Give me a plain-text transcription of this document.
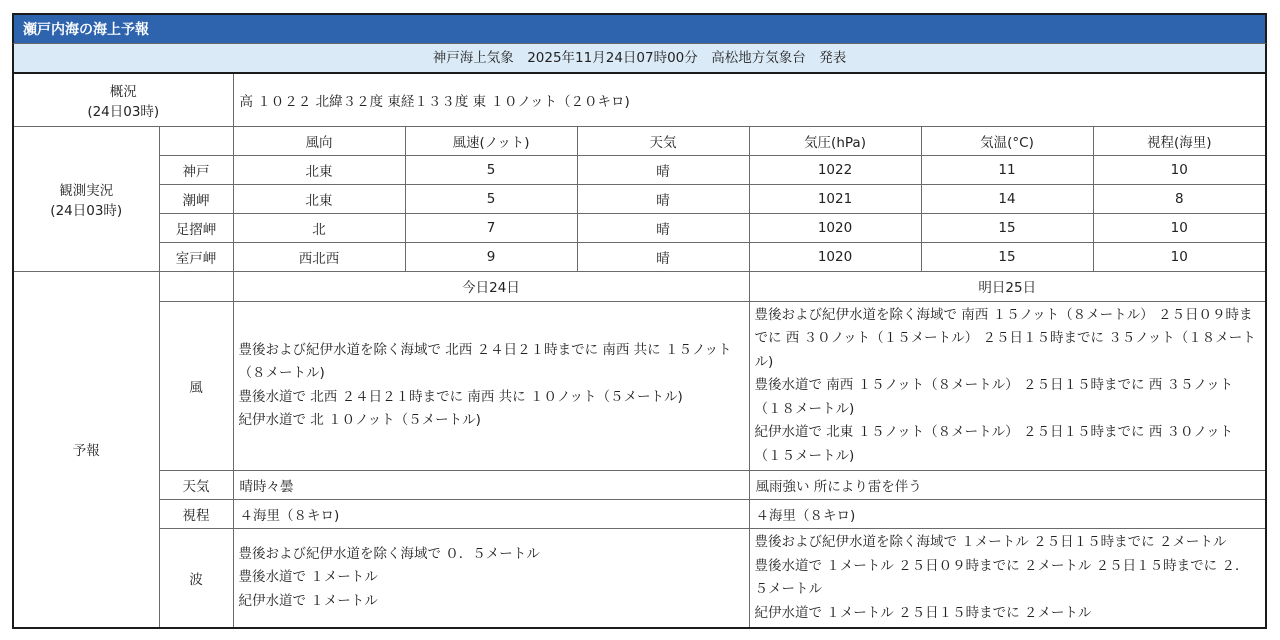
瀬戸内海の海上予報
神戸海上気象　2025年11月24日07時00分　高松地方気象台　発表
概況
(24日03時)		高 １０２２ 北緯３２度 東経１３３度 東 １０ノット（２０キロ)					

観測実況
(24日03時)		風向	風速(ノット)	天気	気圧(hPa)	気温(°C)	視程(海里)
	神戸	北東	5	晴	1022	11	10
	潮岬	北東	5	晴	1021	14	8
	足摺岬	北	7	晴	1020	15	10
	室戸岬	西北西	9	晴	1020	15	10
予報		今日24日			明日25日		
	風	豊後および紀伊水道を除く海域で 北西 ２４日２１時までに 南西 共に １５ノット（８メートル)
豊後水道で 北西 ２４日２１時までに 南西 共に １０ノット（５メートル)
紀伊水道で 北 １０ノット（５メートル)			豊後および紀伊水道を除く海域で 南西 １５ノット（８メートル） ２５日０９時までに 西 ３０ノット（１５メートル） ２５日１５時までに ３５ノット（１８メートル)
豊後水道で 南西 １５ノット（８メートル） ２５日１５時までに 西 ３５ノット（１８メートル)
紀伊水道で 北東 １５ノット（８メートル） ２５日１５時までに 西 ３０ノット（１５メートル)		

	天気	晴時々曇			風雨強い 所により雷を伴う		
	視程	４海里（８キロ)			４海里（８キロ)		
	波	豊後および紀伊水道を除く海域で ０．５メートル
豊後水道で １メートル
紀伊水道で １メートル			豊後および紀伊水道を除く海域で １メートル ２５日１５時までに ２メートル
豊後水道で １メートル ２５日０９時までに ２メートル ２５日１５時までに ２．５メートル
紀伊水道で １メートル ２５日１５時までに ２メートル		
